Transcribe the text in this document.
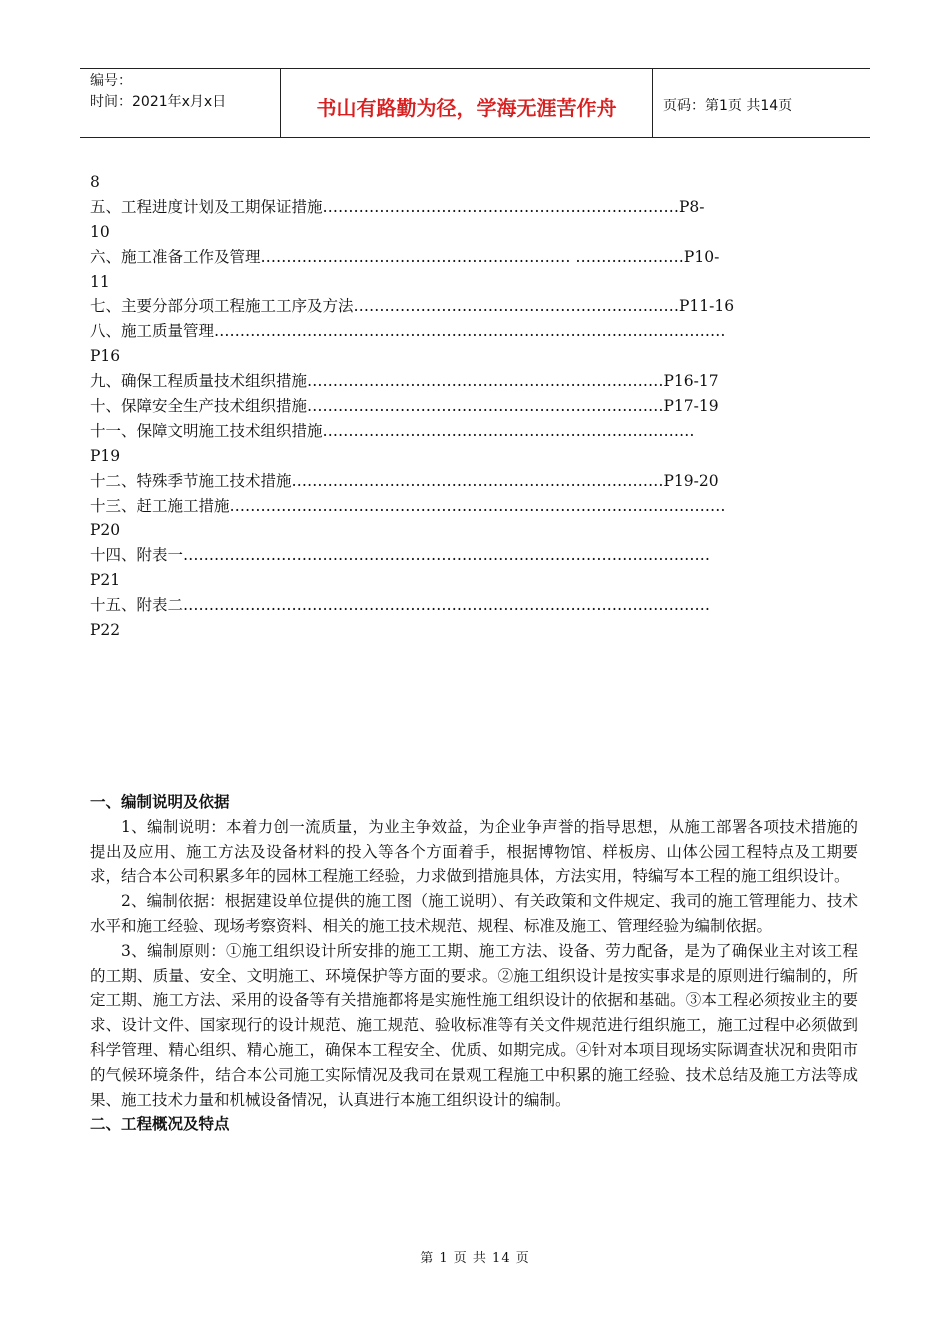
编号：
时间：2021年x月x日	书山有路勤为径，学海无涯苦作舟	页码：第1页 共14页
8
五、工程进度计划及工期保证措施……………………………………………………………P8-
10
六、施工准备工作及管理…………………………………………………… …………………P10-
11
七、主要分部分项工程施工工序及方法………………………………………………………P11-16
八、施工质量管理………………………………………………………………………………………
P16
九、确保工程质量技术组织措施……………………………………………………………P16-17
十、保障安全生产技术组织措施……………………………………………………………P17-19
十一、保障文明施工技术组织措施………………………………………………………………
P19
十二、特殊季节施工技术措施………………………………………………………………P19-20
十三、赶工施工措施……………………………………………………………………………………
P20
十四、附表一…………………………………………………………………………………………
P21
十五、附表二…………………………………………………………………………………………
P22
一、编制说明及依据

1、编制说明：本着力创一流质量，为业主争效益，为企业争声誉的指导思想，从施工部署各项技术措施的提出及应用、施工方法及设备材料的投入等各个方面着手，根据博物馆、样板房、山体公园工程特点及工期要求，结合本公司积累多年的园林工程施工经验，力求做到措施具体，方法实用，特编写本工程的施工组织设计。

2、编制依据：根据建设单位提供的施工图（施工说明）、有关政策和文件规定、我司的施工管理能力、技术水平和施工经验、现场考察资料、相关的施工技术规范、规程、标准及施工、管理经验为编制依据。

3、编制原则：①施工组织设计所安排的施工工期、施工方法、设备、劳力配备，是为了确保业主对该工程的工期、质量、安全、文明施工、环境保护等方面的要求。②施工组织设计是按实事求是的原则进行编制的，所定工期、施工方法、采用的设备等有关措施都将是实施性施工组织设计的依据和基础。③本工程必须按业主的要求、设计文件、国家现行的设计规范、施工规范、验收标准等有关文件规范进行组织施工，施工过程中必须做到科学管理、精心组织、精心施工，确保本工程安全、优质、如期完成。④针对本项目现场实际调查状况和贵阳市的气候环境条件，结合本公司施工实际情况及我司在景观工程施工中积累的施工经验、技术总结及施工方法等成果、施工技术力量和机械设备情况，认真进行本施工组织设计的编制。

二、工程概况及特点
第 1 页 共 14 页
